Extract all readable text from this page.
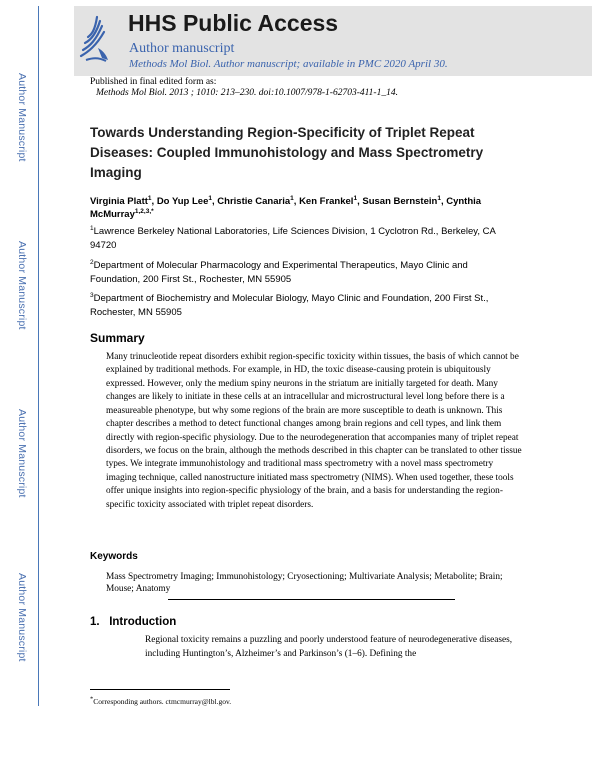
Author Manuscript
Author Manuscript
Author Manuscript
Author Manuscript
HHS Public Access
Author manuscript
Methods Mol Biol. Author manuscript; available in PMC 2020 April 30.
Published in final edited form as:
Methods Mol Biol. 2013 ; 1010: 213–230. doi:10.1007/978-1-62703-411-1_14.
Towards Understanding Region-Specificity of Triplet Repeat Diseases: Coupled Immunohistology and Mass Spectrometry Imaging
Virginia Platt$^1$, Do Yup Lee$^1$, Christie Canaria$^1$, Ken Frankel$^1$, Susan Bernstein$^1$, Cynthia McMurray$^{1,2,3,*}$
$^1$Lawrence Berkeley National Laboratories, Life Sciences Division, 1 Cyclotron Rd., Berkeley, CA 94720
$^2$Department of Molecular Pharmacology and Experimental Therapeutics, Mayo Clinic and Foundation, 200 First St., Rochester, MN 55905
$^3$Department of Biochemistry and Molecular Biology, Mayo Clinic and Foundation, 200 First St., Rochester, MN 55905
Summary
Many trinucleotide repeat disorders exhibit region-specific toxicity within tissues, the basis of which cannot be explained by traditional methods. For example, in HD, the toxic disease-causing protein is ubiquitously expressed. However, only the medium spiny neurons in the striatum are initially targeted for death. Many changes are likely to initiate in these cells at an intracellular and microstructural level long before there is a measureable phenotype, but why some regions of the brain are more susceptible to death is unknown. This chapter describes a method to detect functional changes among brain regions and cell types, and link them directly with region-specific physiology. Due to the neurodegeneration that accompanies many of triplet repeat disorders, we focus on the brain, although the methods described in this chapter can be translated to other tissue types. We integrate immunohistology and traditional mass spectrometry with a novel mass spectrometry imaging technique, called nanostructure initiated mass spectrometry (NIMS). When used together, these tools offer unique insights into region-specific physiology of the brain, and a basis for understanding the region-specific toxicity associated with triplet repeat disorders.
Keywords
Mass Spectrometry Imaging; Immunohistology; Cryosectioning; Multivariate Analysis; Metabolite; Brain; Mouse; Anatomy
1. Introduction
Regional toxicity remains a puzzling and poorly understood feature of neurodegenerative diseases, including Huntington’s, Alzheimer’s and Parkinson’s (1–6). Defining the
*Corresponding authors. ctmcmurray@lbl.gov.
